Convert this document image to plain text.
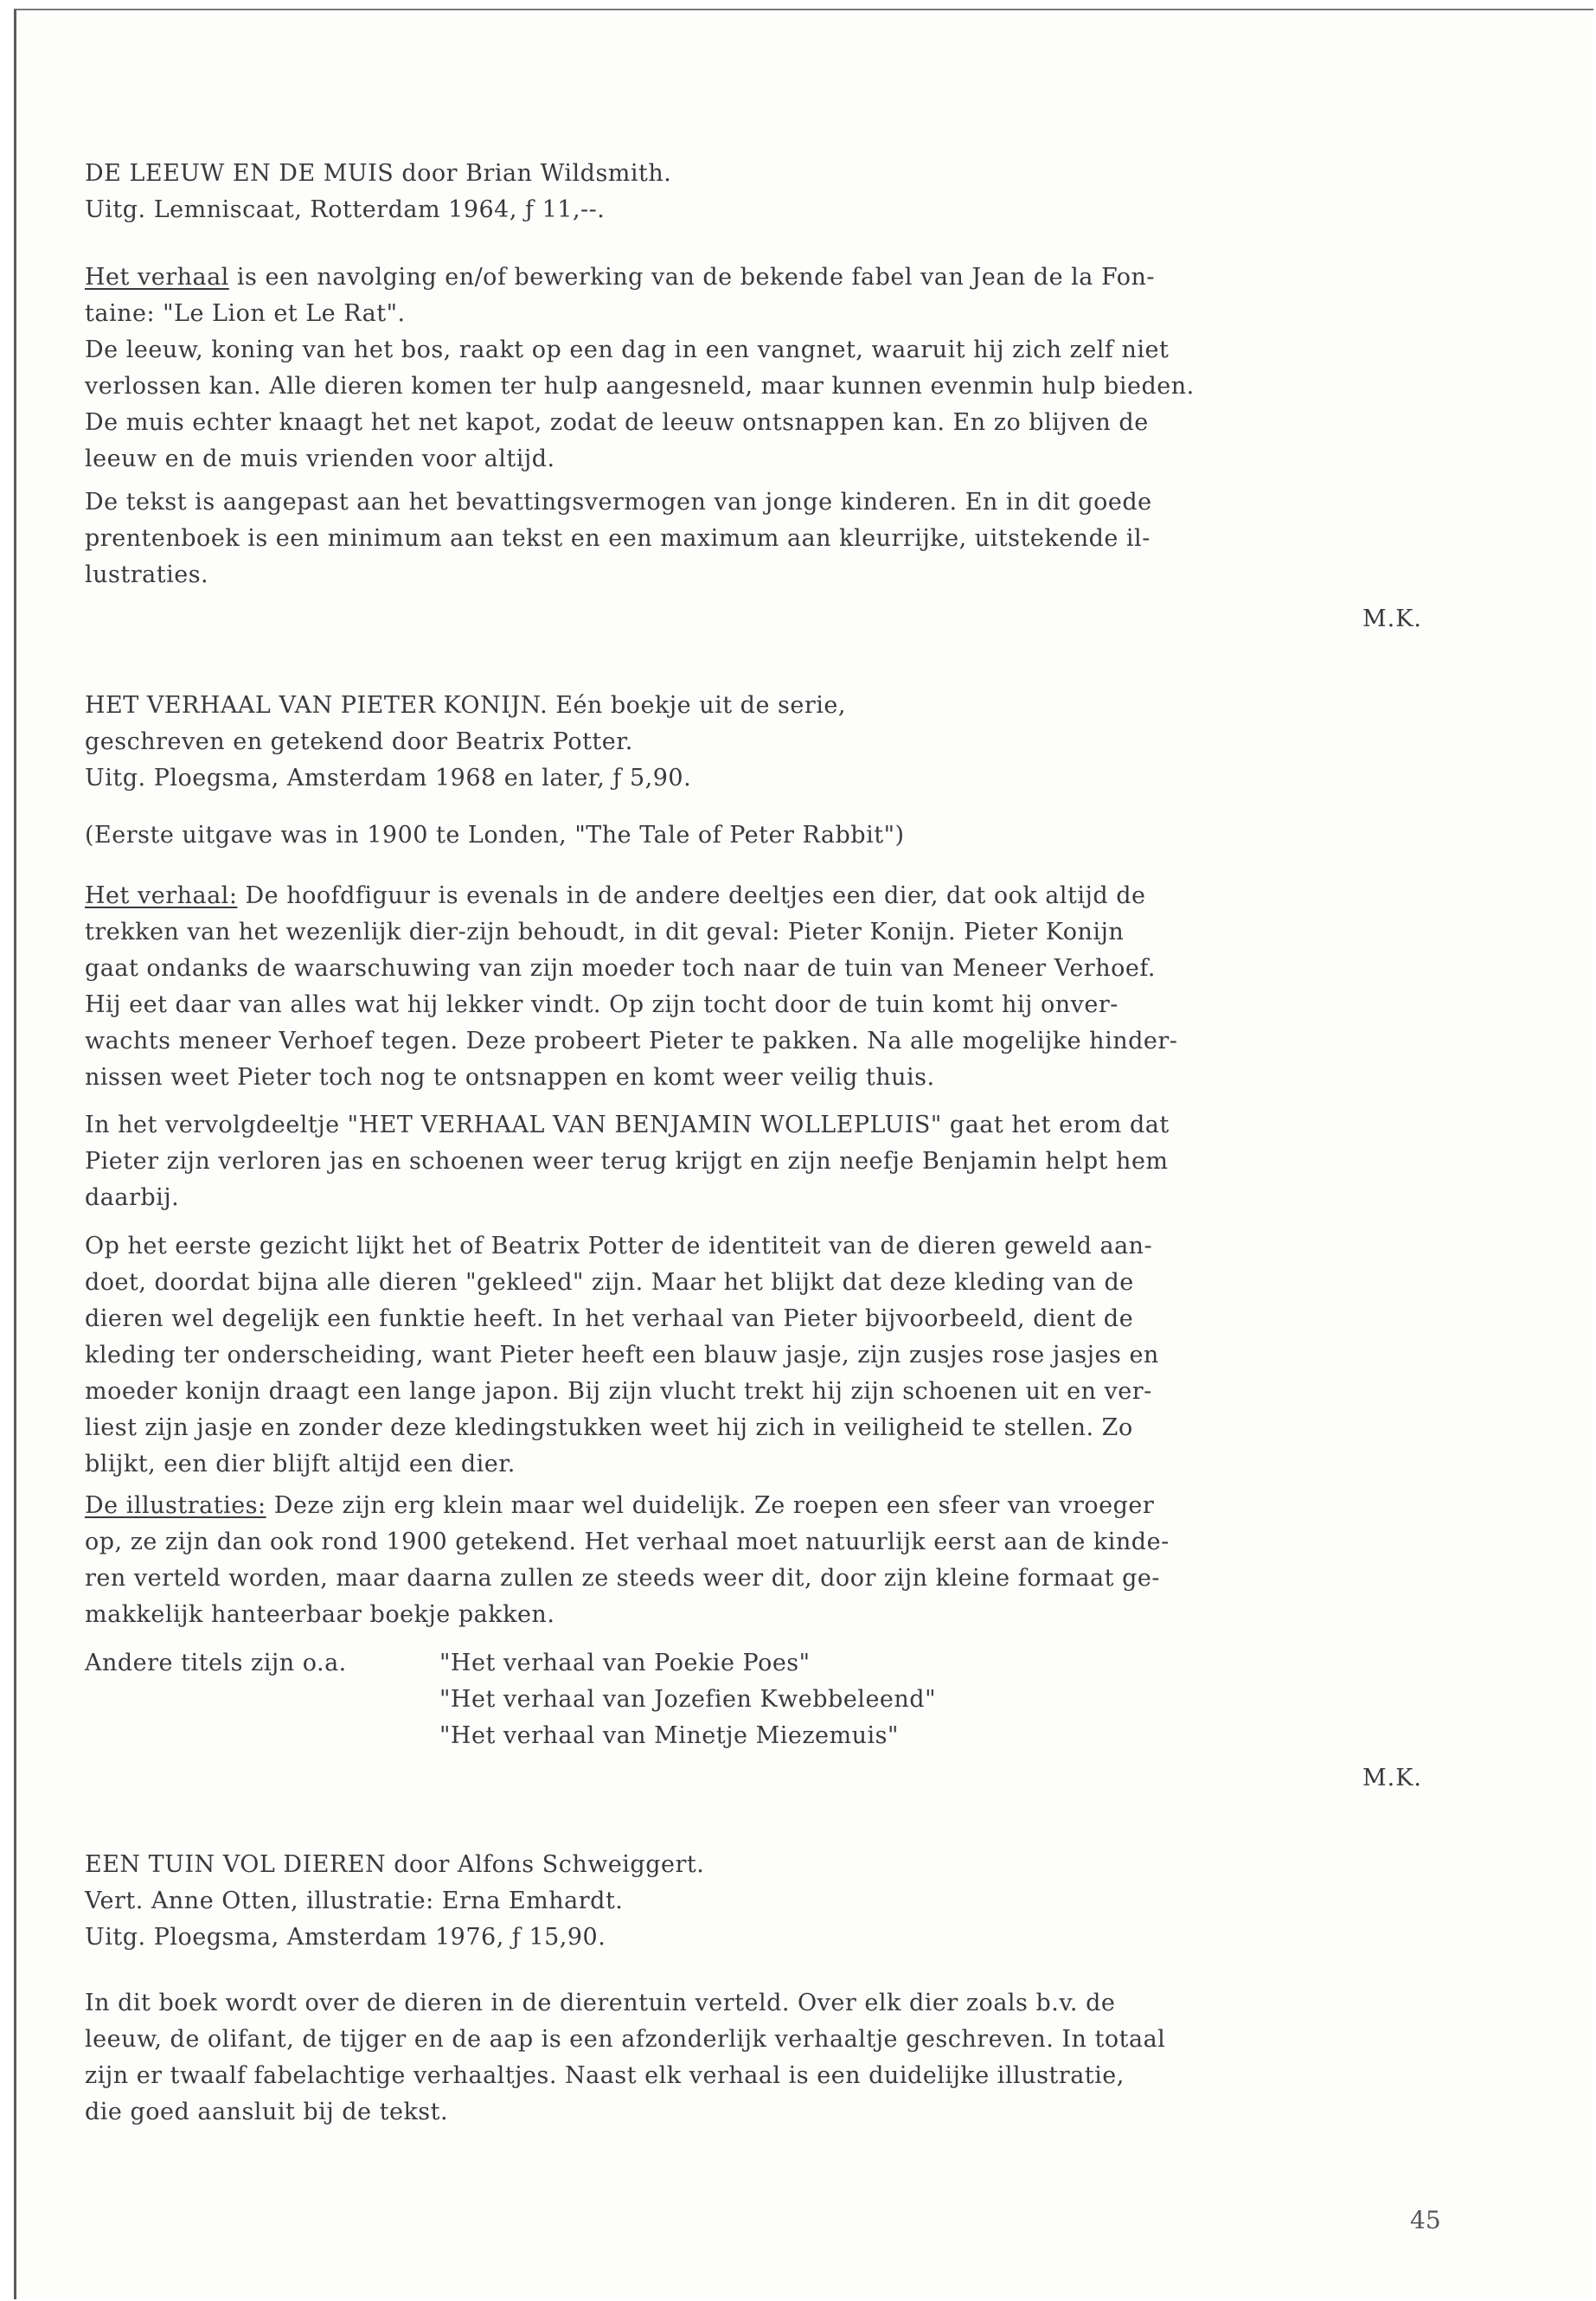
DE LEEUW EN DE MUIS door Brian Wildsmith.
Uitg. Lemniscaat, Rotterdam 1964, ƒ 11,--.
Het verhaal is een navolging en/of bewerking van de bekende fabel van Jean de la Fon-
taine: "Le Lion et Le Rat".
De leeuw, koning van het bos, raakt op een dag in een vangnet, waaruit hij zich zelf niet
verlossen kan. Alle dieren komen ter hulp aangesneld, maar kunnen evenmin hulp bieden.
De muis echter knaagt het net kapot, zodat de leeuw ontsnappen kan. En zo blijven de
leeuw en de muis vrienden voor altijd.
De tekst is aangepast aan het bevattingsvermogen van jonge kinderen. En in dit goede
prentenboek is een minimum aan tekst en een maximum aan kleurrijke, uitstekende il-
lustraties.
M.K.
HET VERHAAL VAN PIETER KONIJN. Eén boekje uit de serie,
geschreven en getekend door Beatrix Potter.
Uitg. Ploegsma, Amsterdam 1968 en later, ƒ 5,90.
(Eerste uitgave was in 1900 te Londen, "The Tale of Peter Rabbit")
Het verhaal: De hoofdfiguur is evenals in de andere deeltjes een dier, dat ook altijd de
trekken van het wezenlijk dier-zijn behoudt, in dit geval: Pieter Konijn. Pieter Konijn
gaat ondanks de waarschuwing van zijn moeder toch naar de tuin van Meneer Verhoef.
Hij eet daar van alles wat hij lekker vindt. Op zijn tocht door de tuin komt hij onver-
wachts meneer Verhoef tegen. Deze probeert Pieter te pakken. Na alle mogelijke hinder-
nissen weet Pieter toch nog te ontsnappen en komt weer veilig thuis.
In het vervolgdeeltje "HET VERHAAL VAN BENJAMIN WOLLEPLUIS" gaat het erom dat
Pieter zijn verloren jas en schoenen weer terug krijgt en zijn neefje Benjamin helpt hem
daarbij.
Op het eerste gezicht lijkt het of Beatrix Potter de identiteit van de dieren geweld aan-
doet, doordat bijna alle dieren "gekleed" zijn. Maar het blijkt dat deze kleding van de
dieren wel degelijk een funktie heeft. In het verhaal van Pieter bijvoorbeeld, dient de
kleding ter onderscheiding, want Pieter heeft een blauw jasje, zijn zusjes rose jasjes en
moeder konijn draagt een lange japon. Bij zijn vlucht trekt hij zijn schoenen uit en ver-
liest zijn jasje en zonder deze kledingstukken weet hij zich in veiligheid te stellen. Zo
blijkt, een dier blijft altijd een dier.
De illustraties: Deze zijn erg klein maar wel duidelijk. Ze roepen een sfeer van vroeger
op, ze zijn dan ook rond 1900 getekend. Het verhaal moet natuurlijk eerst aan de kinde-
ren verteld worden, maar daarna zullen ze steeds weer dit, door zijn kleine formaat ge-
makkelijk hanteerbaar boekje pakken.
Andere titels zijn o.a.	"Het verhaal van Poekie Poes"
"Het verhaal van Jozefien Kwebbeleend"
"Het verhaal van Minetje Miezemuis"
M.K.
EEN TUIN VOL DIEREN door Alfons Schweiggert.
Vert. Anne Otten, illustratie: Erna Emhardt.
Uitg. Ploegsma, Amsterdam 1976, ƒ 15,90.
In dit boek wordt over de dieren in de dierentuin verteld. Over elk dier zoals b.v. de
leeuw, de olifant, de tijger en de aap is een afzonderlijk verhaaltje geschreven. In totaal
zijn er twaalf fabelachtige verhaaltjes. Naast elk verhaal is een duidelijke illustratie,
die goed aansluit bij de tekst.
45
